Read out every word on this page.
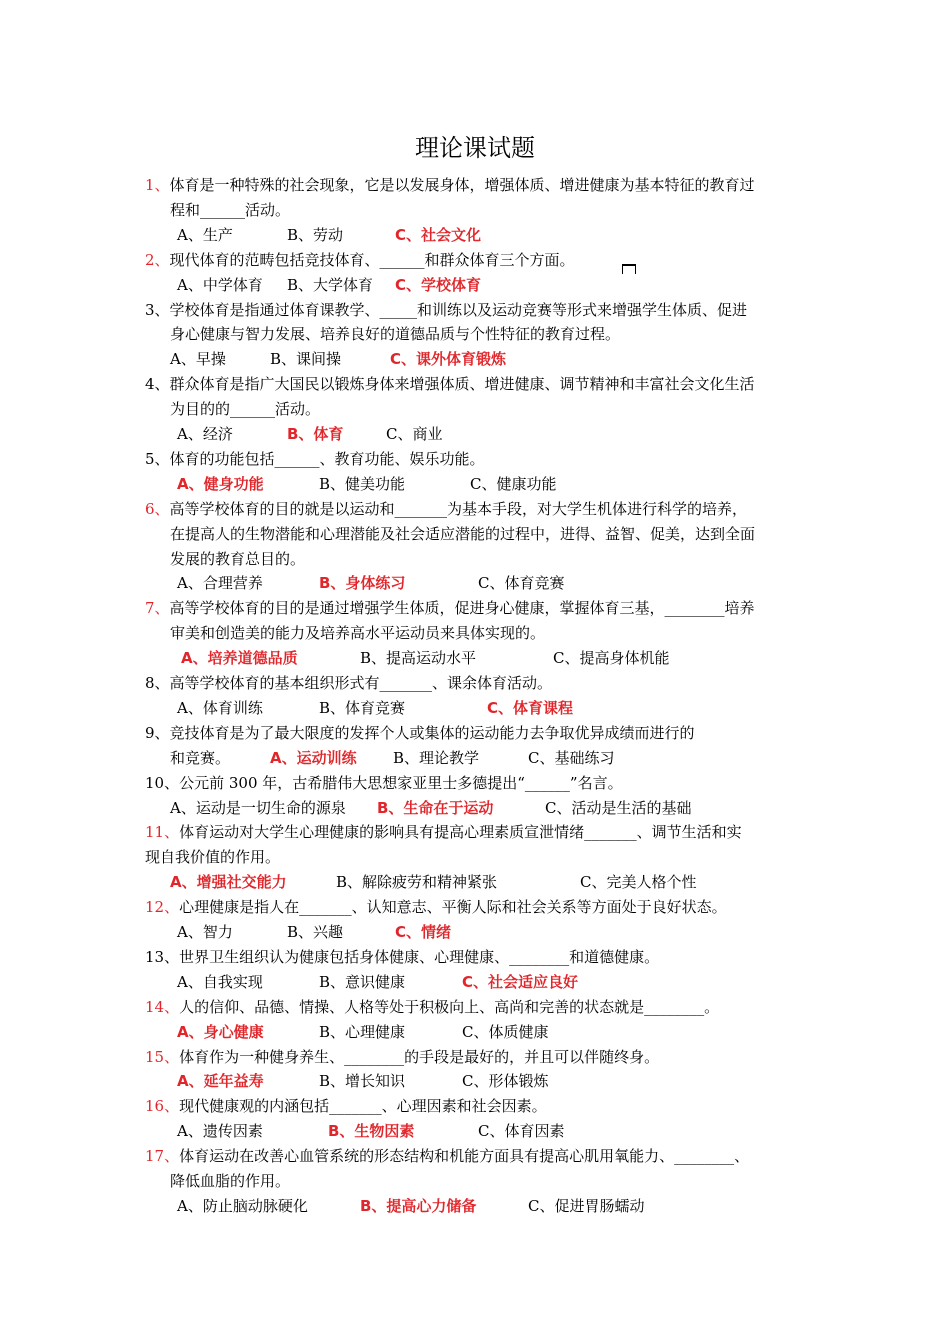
理论课试题
1、体育是一种特殊的社会现象，它是以发展身体，增强体质、增进健康为基本特征的教育过
程和______活动。
A、生产	B、劳动	C、社会文化
2、现代体育的范畴包括竞技体育、______和群众体育三个方面。
A、中学体育 B、大学体育 C、学校体育
3、学校体育是指通过体育课教学、_____和训练以及运动竞赛等形式来增强学生体质、促进
身心健康与智力发展、培养良好的道德品质与个性特征的教育过程。
A、早操	B、课间操	C、课外体育锻炼
4、群众体育是指广大国民以锻炼身体来增强体质、增进健康、调节精神和丰富社会文化生活
为目的的______活动。
A、经济	B、体育	C、商业
5、体育的功能包括______、教育功能、娱乐功能。
A、健身功能	B、健美功能	C、健康功能
6、高等学校体育的目的就是以运动和_______为基本手段，对大学生机体进行科学的培养，
在提高人的生物潜能和心理潜能及社会适应潜能的过程中，进得、益智、促美，达到全面
发展的教育总目的。
A、合理营养	B、身体练习	C、体育竞赛
7、高等学校体育的目的是通过增强学生体质，促进身心健康，掌握体育三基，________培养
审美和创造美的能力及培养高水平运动员来具体实现的。
A、培养道德品质	B、提高运动水平	C、提高身体机能
8、高等学校体育的基本组织形式有_______、课余体育活动。
A、体育训练	B、体育竞赛	C、体育课程
9、竞技体育是为了最大限度的发挥个人或集体的运动能力去争取优异成绩而进行的
和竞赛。	A、运动训练 B、理论教学	C、基础练习
10、公元前 300 年，古希腊伟大思想家亚里士多德提出“______”名言。
A、运动是一切生命的源泉 B、生命在于运动	C、活动是生活的基础
11、体育运动对大学生心理健康的影响具有提高心理素质宣泄情绪_______、调节生活和实
现自我价值的作用。
A、增强社交能力	B、解除疲劳和精神紧张	C、完美人格个性
12、心理健康是指人在_______、认知意志、平衡人际和社会关系等方面处于良好状态。
A、智力	B、兴趣	C、情绪
13、世界卫生组织认为健康包括身体健康、心理健康、________和道德健康。
A、自我实现	B、意识健康	C、社会适应良好
14、人的信仰、品德、情操、人格等处于积极向上、高尚和完善的状态就是________。
A、身心健康	B、心理健康	C、体质健康
15、体育作为一种健身养生、________的手段是最好的，并且可以伴随终身。
A、延年益寿	B、增长知识	C、形体锻炼
16、现代健康观的内涵包括_______、心理因素和社会因素。
A、遗传因素	B、生物因素	C、体育因素
17、体育运动在改善心血管系统的形态结构和机能方面具有提高心肌用氧能力、________、
降低血脂的作用。
A、防止脑动脉硬化	B、提高心力储备	C、促进胃肠蠕动
